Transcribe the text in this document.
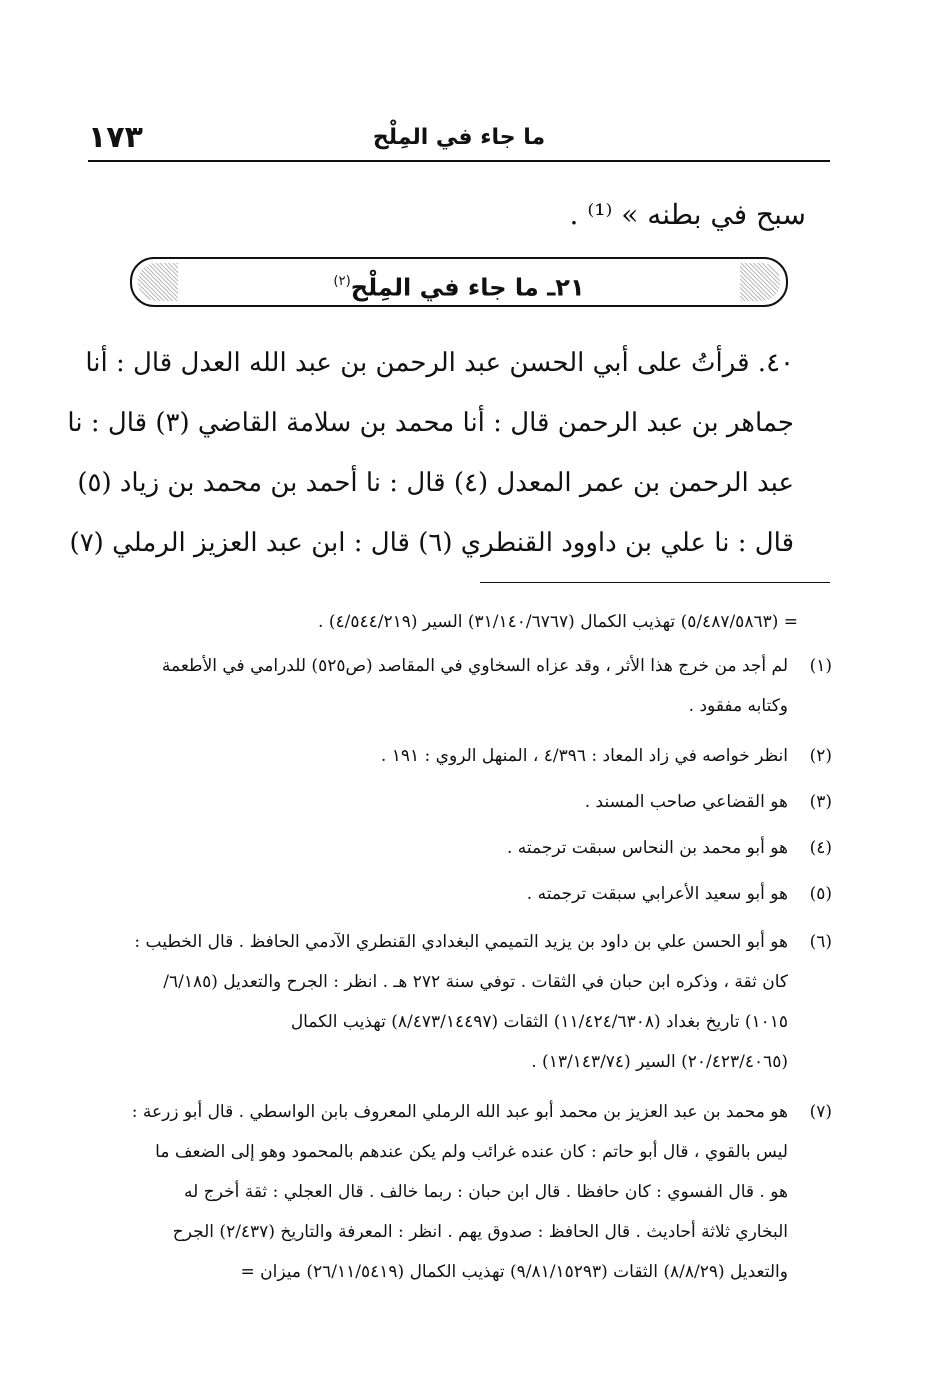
١٧٣	ما جاء في المِلْح
سبح في بطنه » ⁽¹⁾ .
٢١ـ ما جاء في المِلْح$^{(٢)}$
٤٠. قرأتُ على أبي الحسن عبد الرحمن بن عبد الله العدل قال : أنا
جماهر بن عبد الرحمن قال : أنا محمد بن سلامة القاضي (٣) قال : نا
عبد الرحمن بن عمر المعدل (٤) قال : نا أحمد بن محمد بن زياد (٥)
قال : نا علي بن داوود القنطري (٦) قال : ابن عبد العزيز الرملي (٧)
= (٥/٤٨٧/٥٨٦٣) تهذيب الكمال (٣١/١٤٠/٦٧٦٧) السير (٤/٥٤٤/٢١٩) .
(١)
لم أجد من خرج هذا الأثر ، وقد عزاه السخاوي في المقاصد (ص٥٢٥) للدرامي في الأطعمة
وكتابه مفقود .
(٢)
انظر خواصه في زاد المعاد : ٤/٣٩٦ ، المنهل الروي : ١٩١ .
(٣)
هو القضاعي صاحب المسند .
(٤)
هو أبو محمد بن النحاس سبقت ترجمته .
(٥)
هو أبو سعيد الأعرابي سبقت ترجمته .
(٦)
هو أبو الحسن علي بن داود بن يزيد التميمي البغدادي القنطري الآدمي الحافظ . قال الخطيب :
كان ثقة ، وذكره ابن حبان في الثقات . توفي سنة ٢٧٢ هـ . انظر : الجرح والتعديل (٦/١٨٥/
١٠١٥) تاريخ بغداد (١١/٤٢٤/٦٣٠٨) الثقات (٨/٤٧٣/١٤٤٩٧) تهذيب الكمال
(٢٠/٤٢٣/٤٠٦٥) السير (١٣/١٤٣/٧٤) .
(٧)
هو محمد بن عبد العزيز بن محمد أبو عبد الله الرملي المعروف بابن الواسطي . قال أبو زرعة :
ليس بالقوي ، قال أبو حاتم : كان عنده غرائب ولم يكن عندهم بالمحمود وهو إلى الضعف ما
هو . قال الفسوي : كان حافظا . قال ابن حبان : ربما خالف . قال العجلي : ثقة أخرج له
البخاري ثلاثة أحاديث . قال الحافظ : صدوق يهم . انظر : المعرفة والتاريخ (٢/٤٣٧) الجرح
والتعديل (٨/٨/٢٩) الثقات (٩/٨١/١٥٢٩٣) تهذيب الكمال (٢٦/١١/٥٤١٩) ميزان =
